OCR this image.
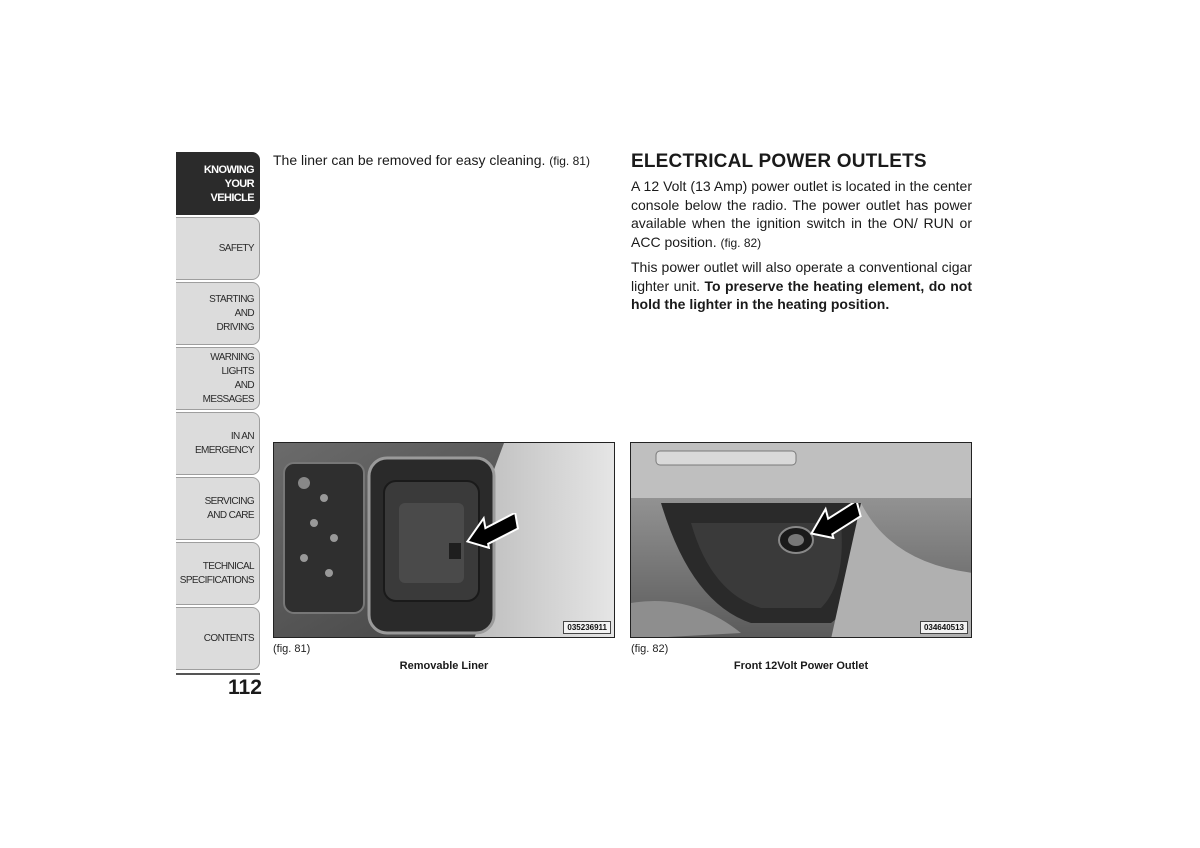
KNOWING
YOUR
VEHICLE
SAFETY
STARTING
AND
DRIVING
WARNING
LIGHTS
AND
MESSAGES
IN AN
EMERGENCY
SERVICING
AND CARE
TECHNICAL
SPECIFICATIONS
CONTENTS
112

The liner can be removed for easy cleaning. (fig. 81)	ELECTRICAL POWER OUTLETS

A 12 Volt (13 Amp) power outlet is located in the center console below the radio. The power outlet has power available when the ignition switch in the ON/ RUN or ACC position. (fig. 82)

This power outlet will also operate a conventional cigar lighter unit. To preserve the heating element, do not hold the lighter in the heating position.

035236911
(fig. 81)
Removable Liner
034640513
(fig. 82)
Front 12Volt Power Outlet
